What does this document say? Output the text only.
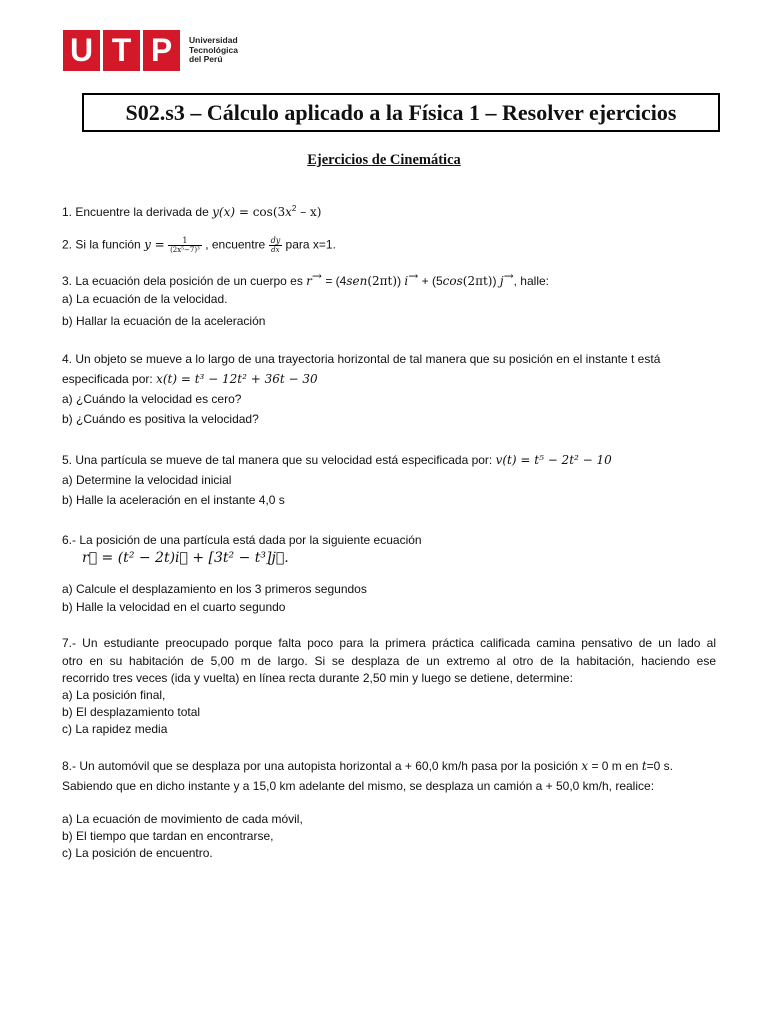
U T P	Universidad
Tecnológica
del Perú
S02.s3 – Cálculo aplicado a la Física 1 – Resolver ejercicios
Ejercicios de Cinemática
1. Encuentre la derivada de $y(x) = \cos(3x^2 - x)$
2. Si la función $y = \frac{1}{\text{(2x⁵−7)³}}$ , encuentre $\frac{dy}{dx}$ para x=1.
3. La ecuación dela posición de un cuerpo es r→ = (4sen(2πt)) i→ + (5cos(2πt)) j→, halle:
a) La ecuación de la velocidad.
b) Hallar la ecuación de la aceleración
4. Un objeto se mueve a lo largo de una trayectoria horizontal de tal manera que su posición en el instante t está
especificada por: x(t) = t³ − 12t² + 36t − 30
a) ¿Cuándo la velocidad es cero?
b) ¿Cuándo es positiva la velocidad?
5. Una partícula se mueve de tal manera que su velocidad está especificada por: v(t) = t⁵ − 2t² − 10
a) Determine la velocidad inicial
b) Halle la aceleración en el instante 4,0 s
6.- La posición de una partícula está dada por la siguiente ecuación
r⃗ = (t² − 2t)i⃗ + [3t² − t³]j⃗.
a) Calcule el desplazamiento en los 3 primeros segundos
b) Halle la velocidad en el cuarto segundo
7.- Un estudiante preocupado porque falta poco para la primera práctica calificada camina pensativo de un lado al
otro en su habitación de 5,00 m de largo. Si se desplaza de un extremo al otro de la habitación, haciendo ese
recorrido tres veces (ida y vuelta) en línea recta durante 2,50 min y luego se detiene, determine:
a) La posición final,
b) El desplazamiento total
c) La rapidez media
8.- Un automóvil que se desplaza por una autopista horizontal a + 60,0 km/h pasa por la posición x = 0 m en t=0 s.
Sabiendo que en dicho instante y a 15,0 km adelante del mismo, se desplaza un camión a + 50,0 km/h, realice:
a) La ecuación de movimiento de cada móvil,
b) El tiempo que tardan en encontrarse,
c) La posición de encuentro.
